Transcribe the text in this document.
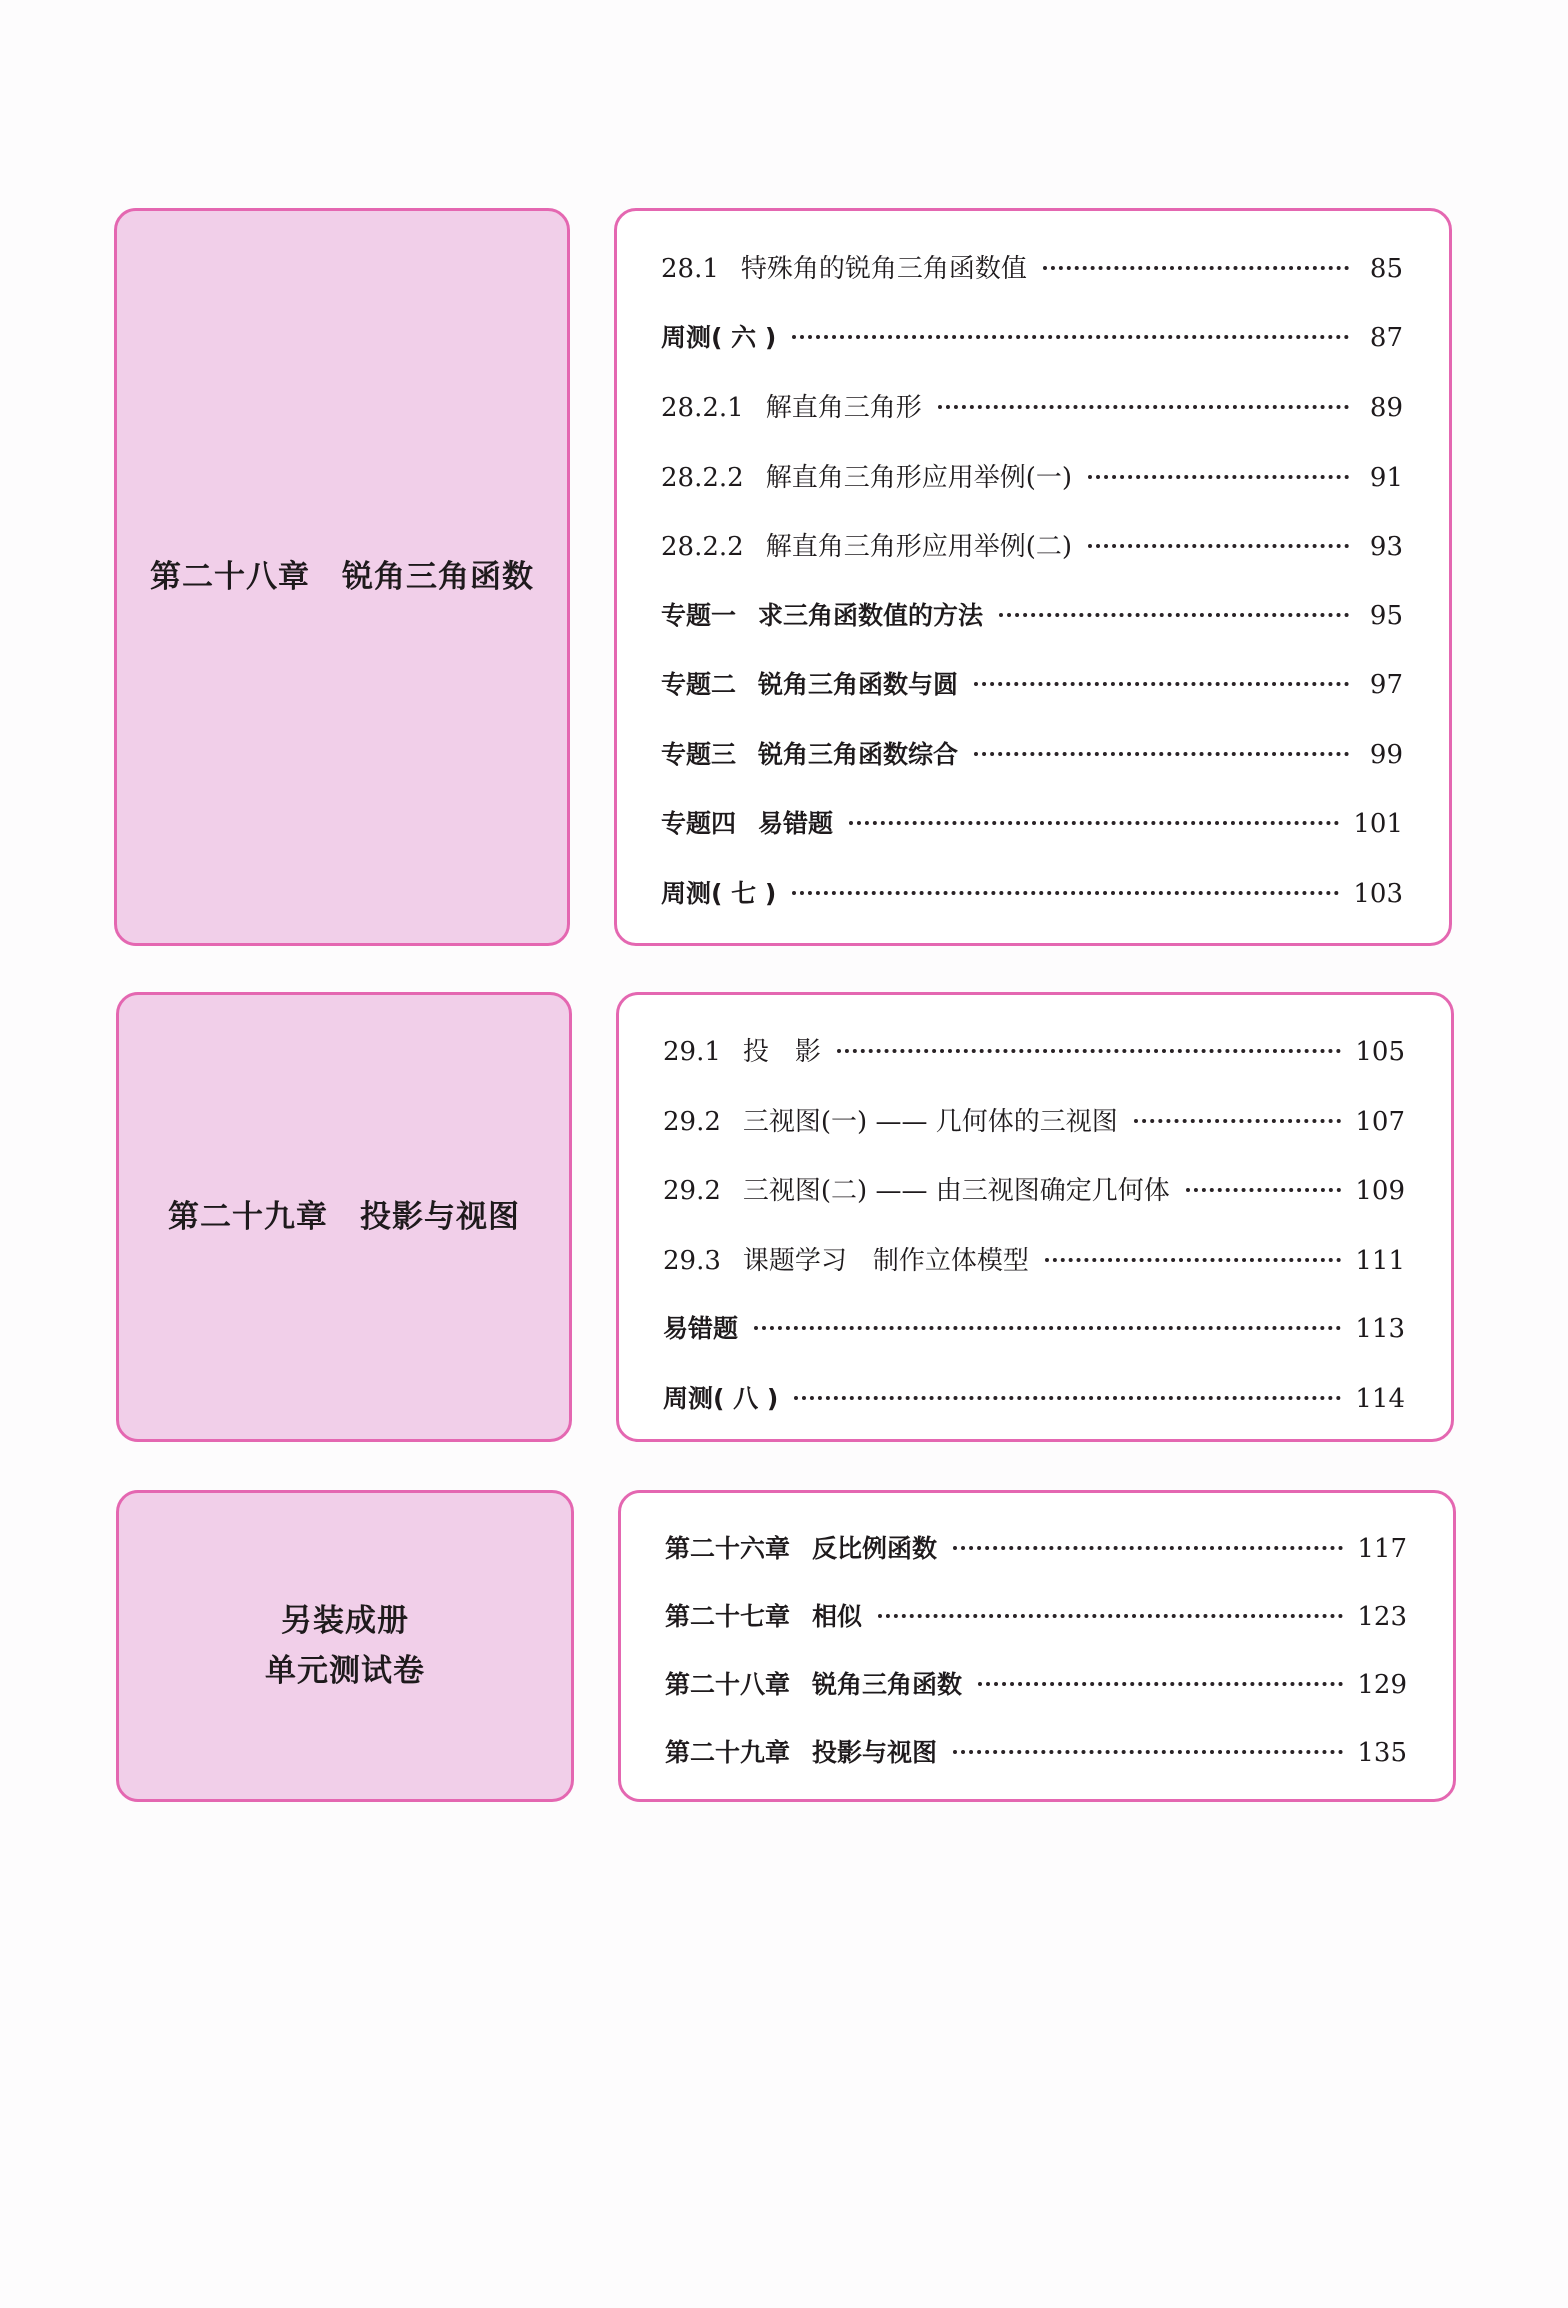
第二十八章　锐角三角函数
28.1 特殊角的锐角三角函数值	85
周测( 六 )	87
28.2.1 解直角三角形	89
28.2.2 解直角三角形应用举例(一)	91
28.2.2 解直角三角形应用举例(二)	93
专题一 求三角函数值的方法	95
专题二 锐角三角函数与圆	97
专题三 锐角三角函数综合	99
专题四 易错题	101
周测( 七 )	103
第二十九章　投影与视图
29.1 投　影	105
29.2 三视图(一) —— 几何体的三视图	107
29.2 三视图(二) —— 由三视图确定几何体	109
29.3 课题学习　制作立体模型	111
易错题	113
周测( 八 )	114
另装成册
单元测试卷
第二十六章 反比例函数	117
第二十七章 相似	123
第二十八章 锐角三角函数	129
第二十九章 投影与视图	135
